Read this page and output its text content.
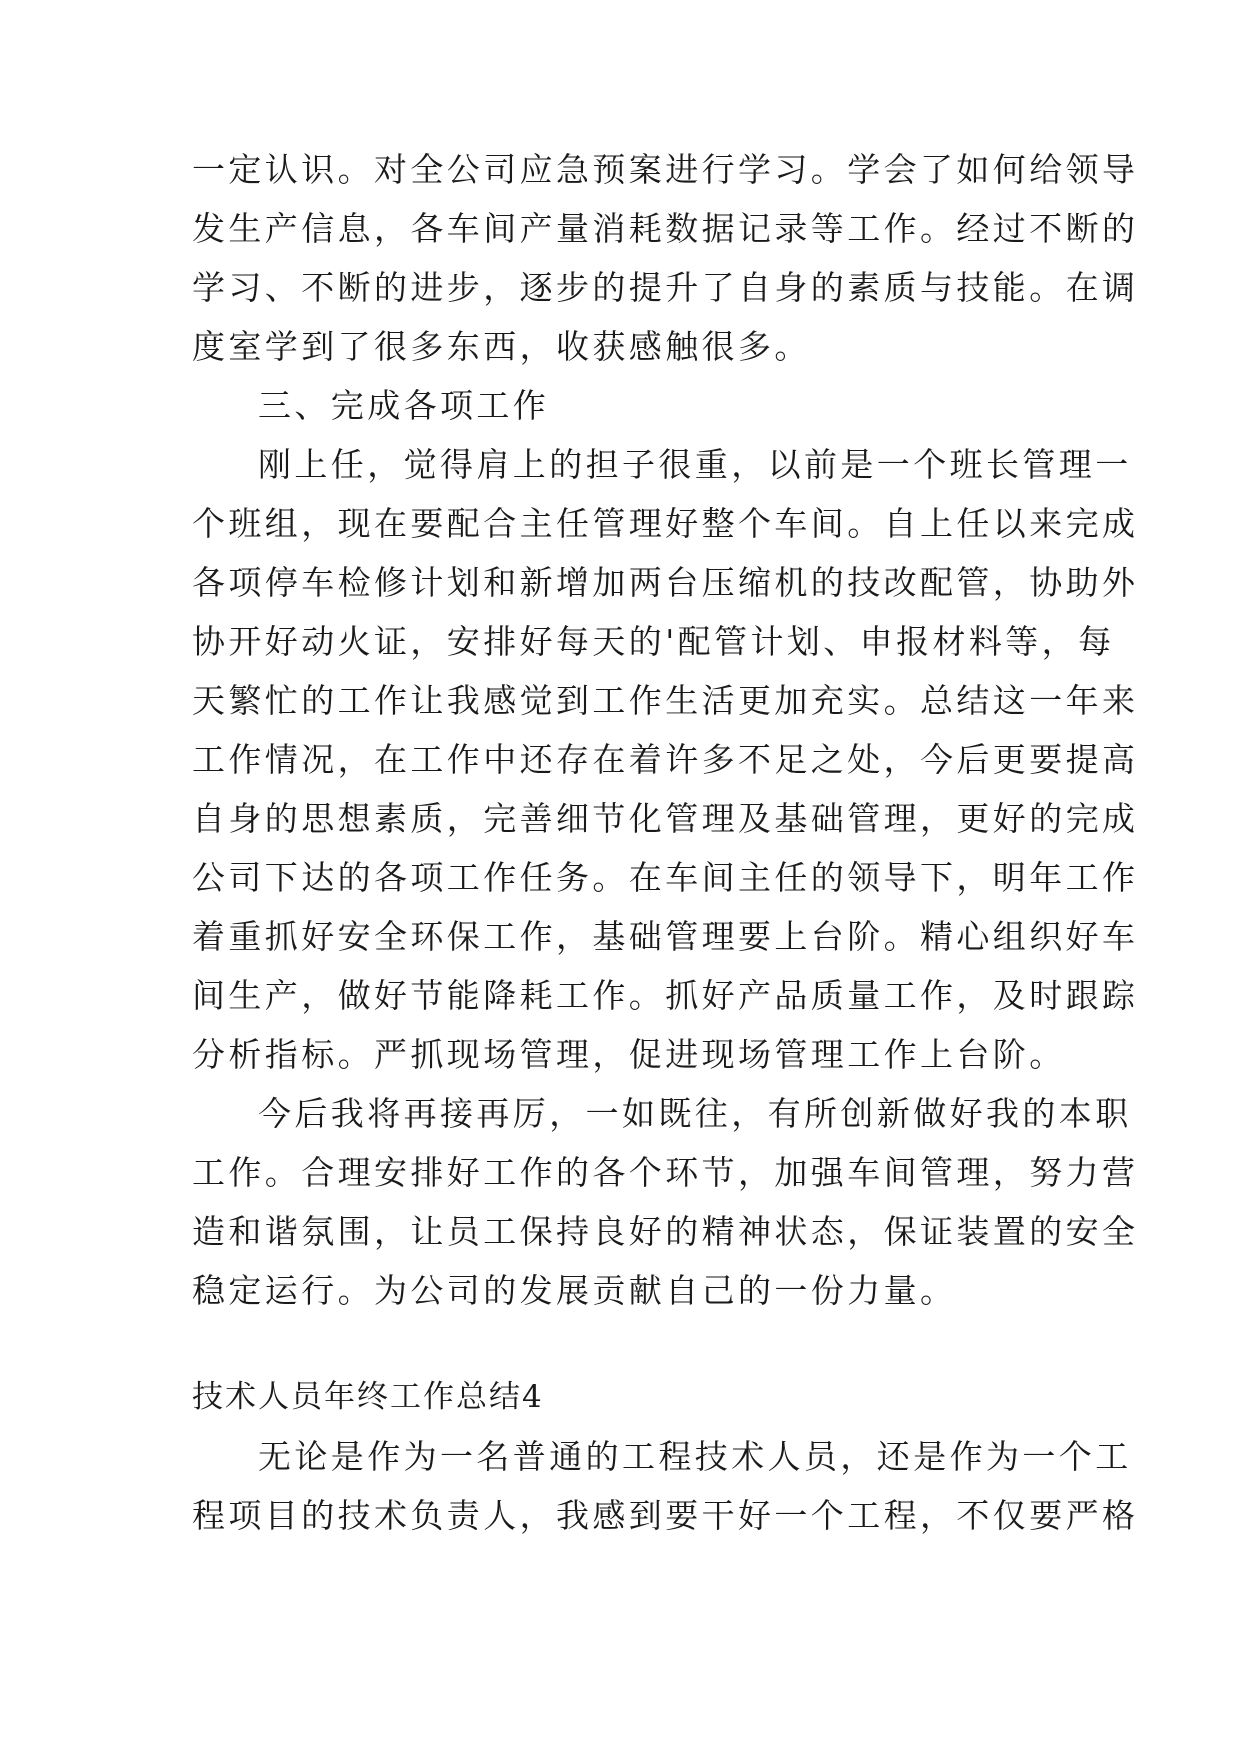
一定认识。对全公司应急预案进行学习。学会了如何给领导
发生产信息，各车间产量消耗数据记录等工作。经过不断的
学习、不断的进步，逐步的提升了自身的素质与技能。在调
度室学到了很多东西，收获感触很多。
三、完成各项工作
刚上任，觉得肩上的担子很重，以前是一个班长管理一
个班组，现在要配合主任管理好整个车间。自上任以来完成
各项停车检修计划和新增加两台压缩机的技改配管，协助外
协开好动火证，安排好每天的'配管计划、申报材料等，每
天繁忙的工作让我感觉到工作生活更加充实。总结这一年来
工作情况，在工作中还存在着许多不足之处，今后更要提高
自身的思想素质，完善细节化管理及基础管理，更好的完成
公司下达的各项工作任务。在车间主任的领导下，明年工作
着重抓好安全环保工作，基础管理要上台阶。精心组织好车
间生产，做好节能降耗工作。抓好产品质量工作，及时跟踪
分析指标。严抓现场管理，促进现场管理工作上台阶。
今后我将再接再厉，一如既往，有所创新做好我的本职
工作。合理安排好工作的各个环节，加强车间管理，努力营
造和谐氛围，让员工保持良好的精神状态，保证装置的安全
稳定运行。为公司的发展贡献自己的一份力量。
技术人员年终工作总结4
无论是作为一名普通的工程技术人员，还是作为一个工
程项目的技术负责人，我感到要干好一个工程，不仅要严格
